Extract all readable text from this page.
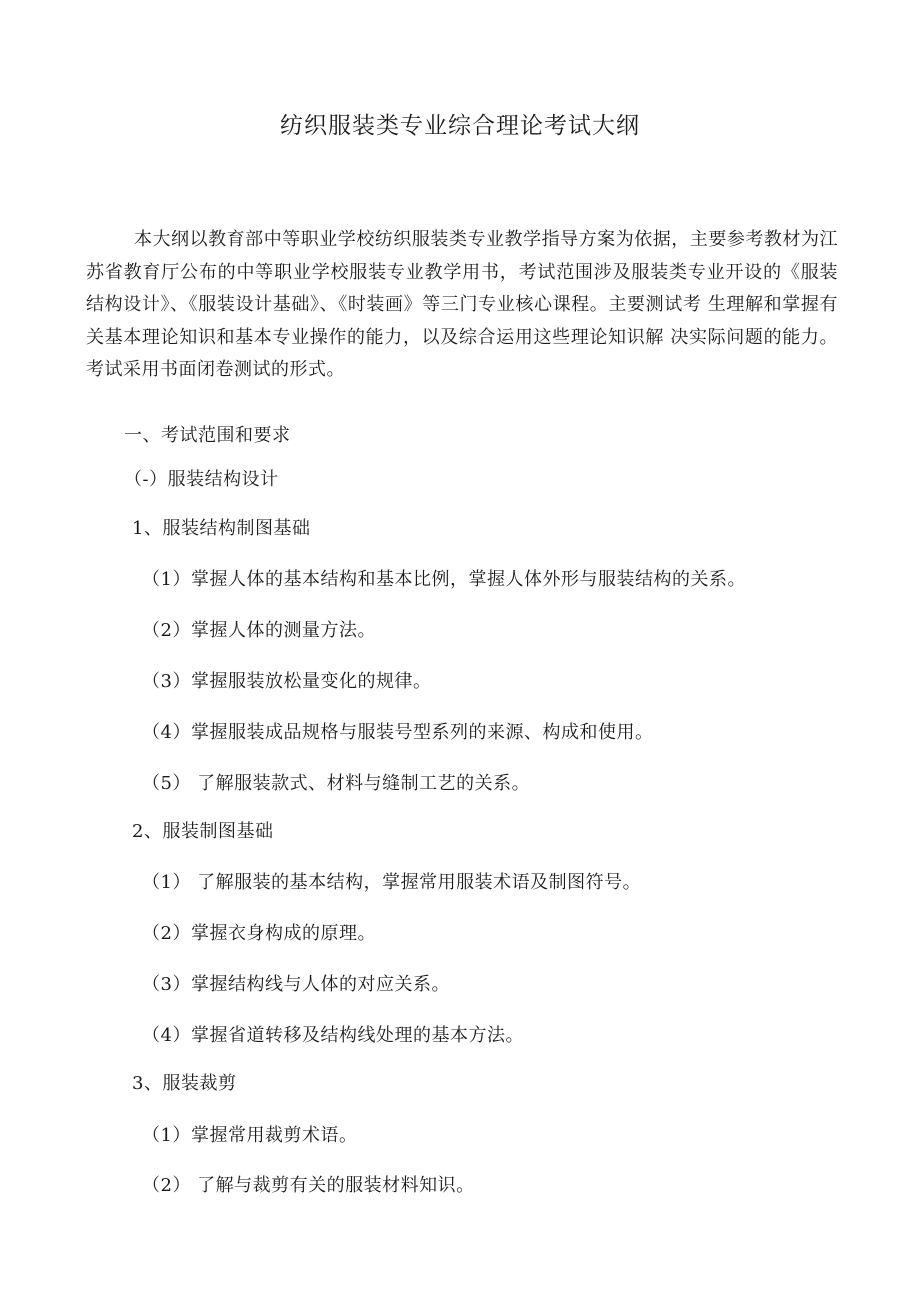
纺织服装类专业综合理论考试大纲
本大纲以教育部中等职业学校纺织服装类专业教学指导方案为依据，主要参考教材为江苏省教育厅公布的中等职业学校服装专业教学用书，考试范围涉及服装类专业开设的《服装结构设计》、《服装设计基础》、《时装画》等三门专业核心课程。主要测试考 生理解和掌握有关基本理论知识和基本专业操作的能力，以及综合运用这些理论知识解 决实际问题的能力。考试采用书面闭卷测试的形式。
一、考试范围和要求
（-）服装结构设计
1、服装结构制图基础
（1）掌握人体的基本结构和基本比例，掌握人体外形与服装结构的关系。
（2）掌握人体的测量方法。
（3）掌握服装放松量变化的规律。
（4）掌握服装成品规格与服装号型系列的来源、构成和使用。
（5） 了解服装款式、材料与缝制工艺的关系。
2、服装制图基础
（1） 了解服装的基本结构，掌握常用服装术语及制图符号。
（2）掌握衣身构成的原理。
（3）掌握结构线与人体的对应关系。
（4）掌握省道转移及结构线处理的基本方法。
3、服装裁剪
（1）掌握常用裁剪术语。
（2） 了解与裁剪有关的服装材料知识。
